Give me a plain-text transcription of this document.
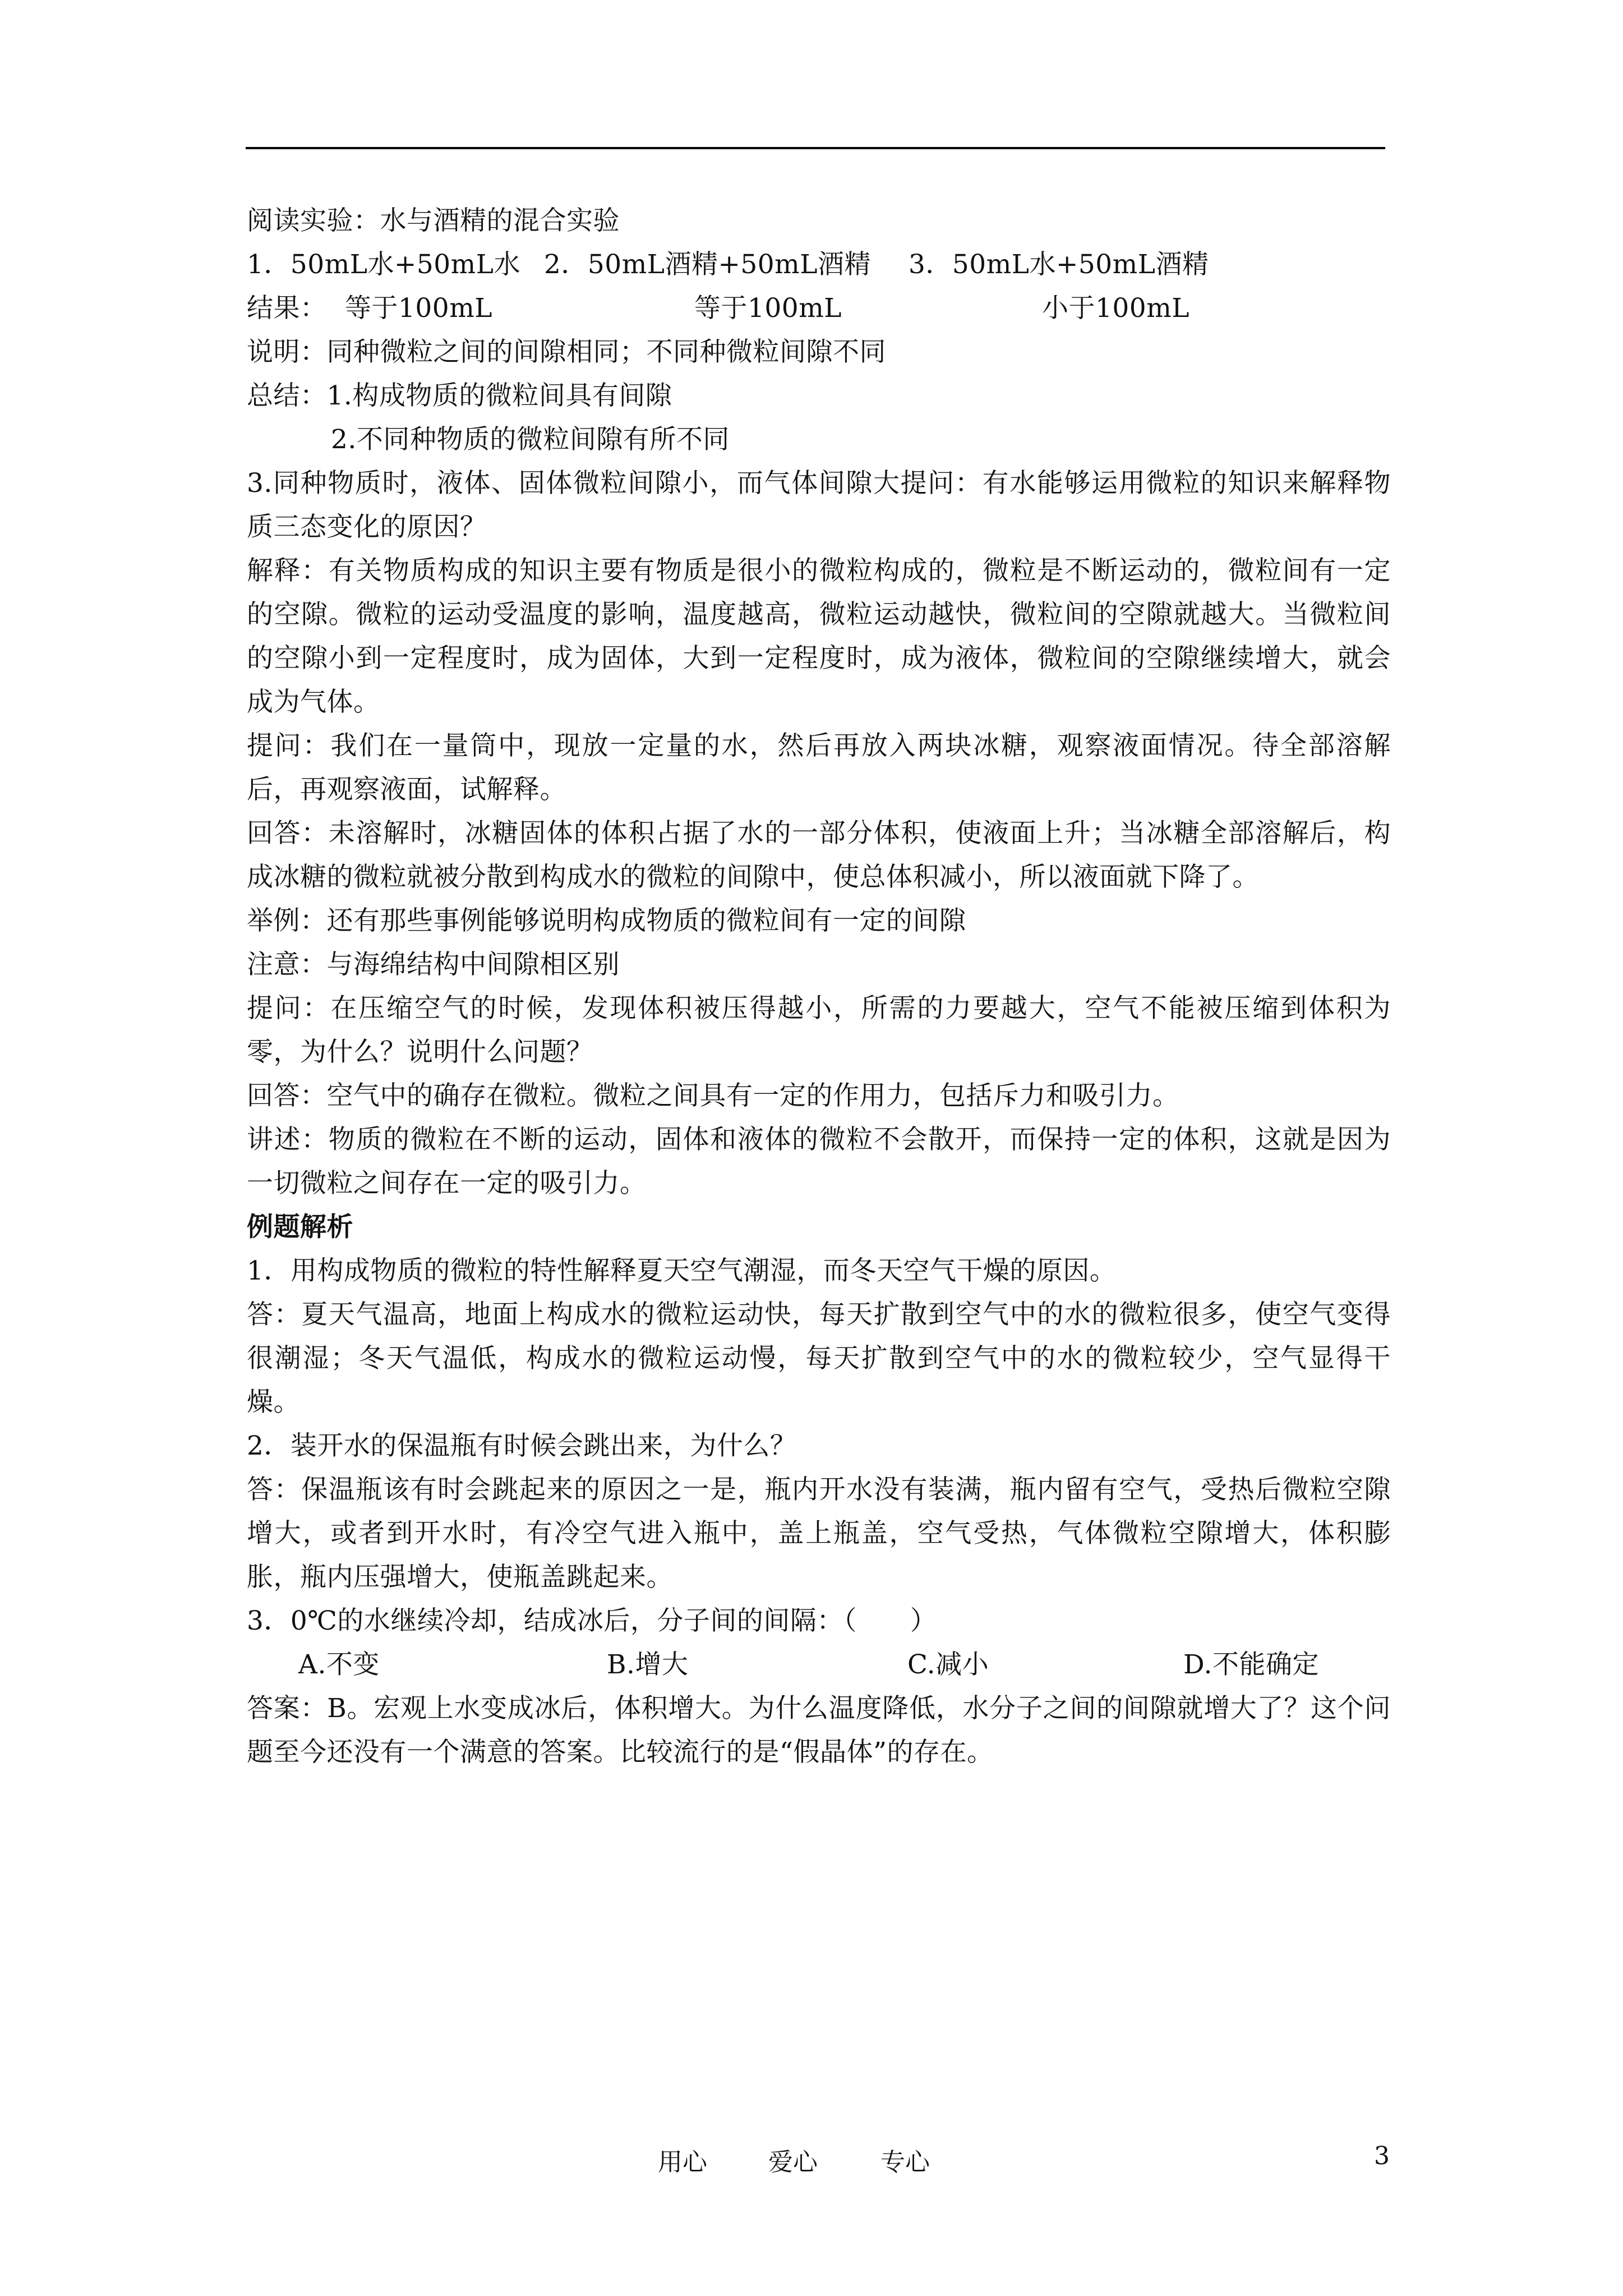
阅读实验：水与酒精的混合实验
1．50mL水+50mL水 2．50mL酒精+50mL酒精 3．50mL水+50mL酒精
结果： 等于100mL	等于100mL	小于100mL
说明：同种微粒之间的间隙相同；不同种微粒间隙不同
总结：1.构成物质的微粒间具有间隙
2.不同种物质的微粒间隙有所不同
3.同种物质时，液体、固体微粒间隙小，而气体间隙大提问：有水能够运用微粒的知识来解释物质三态变化的原因？
解释：有关物质构成的知识主要有物质是很小的微粒构成的，微粒是不断运动的，微粒间有一定的空隙。微粒的运动受温度的影响，温度越高，微粒运动越快，微粒间的空隙就越大。当微粒间的空隙小到一定程度时，成为固体，大到一定程度时，成为液体，微粒间的空隙继续增大，就会成为气体。
提问：我们在一量筒中，现放一定量的水，然后再放入两块冰糖，观察液面情况。待全部溶解后，再观察液面，试解释。
回答：未溶解时，冰糖固体的体积占据了水的一部分体积，使液面上升；当冰糖全部溶解后，构成冰糖的微粒就被分散到构成水的微粒的间隙中，使总体积减小，所以液面就下降了。
举例：还有那些事例能够说明构成物质的微粒间有一定的间隙
注意：与海绵结构中间隙相区别
提问：在压缩空气的时候，发现体积被压得越小，所需的力要越大，空气不能被压缩到体积为零，为什么？说明什么问题？
回答：空气中的确存在微粒。微粒之间具有一定的作用力，包括斥力和吸引力。
讲述：物质的微粒在不断的运动，固体和液体的微粒不会散开，而保持一定的体积，这就是因为一切微粒之间存在一定的吸引力。
例题解析
1．用构成物质的微粒的特性解释夏天空气潮湿，而冬天空气干燥的原因。
答：夏天气温高，地面上构成水的微粒运动快，每天扩散到空气中的水的微粒很多，使空气变得很潮湿；冬天气温低，构成水的微粒运动慢，每天扩散到空气中的水的微粒较少，空气显得干燥。
2．装开水的保温瓶有时候会跳出来，为什么？
答：保温瓶该有时会跳起来的原因之一是，瓶内开水没有装满，瓶内留有空气，受热后微粒空隙增大，或者到开水时，有冷空气进入瓶中，盖上瓶盖，空气受热，气体微粒空隙增大，体积膨胀，瓶内压强增大，使瓶盖跳起来。
3．0℃的水继续冷却，结成冰后，分子间的间隔：（　　）
A.不变	B.增大	C.减小	D.不能确定
答案：B。宏观上水变成冰后，体积增大。为什么温度降低，水分子之间的间隙就增大了？这个问题至今还没有一个满意的答案。比较流行的是“假晶体”的存在。
用心 爱心	专心	3
